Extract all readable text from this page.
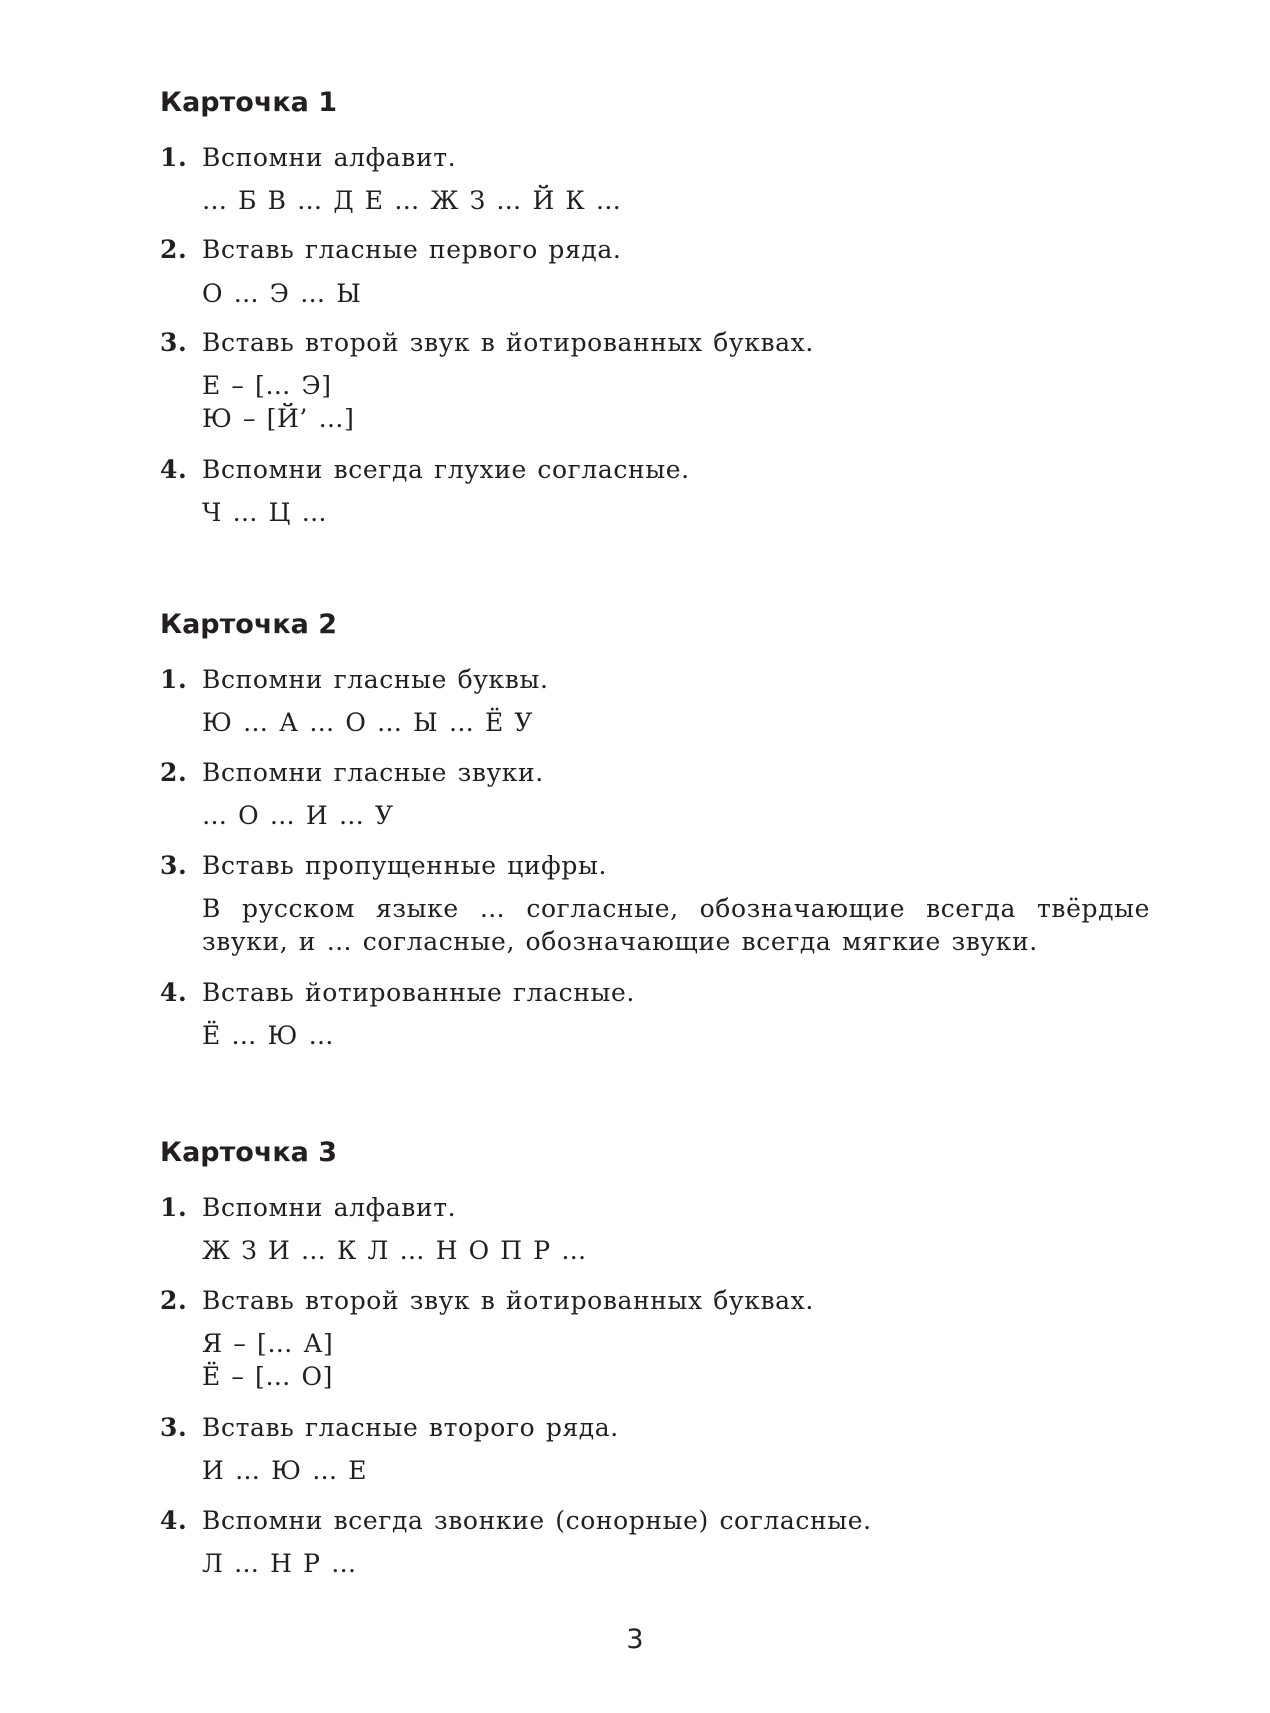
Карточка 1
1. Вспомни алфавит.
… Б В … Д Е … Ж З … Й К …
2. Вставь гласные первого ряда.
О … Э … Ы
3. Вставь второй звук в йотированных буквах.
Е – [… Э]
Ю – [Й’ …]
4. Вспомни всегда глухие согласные.
Ч … Ц …
Карточка 2
1. Вспомни гласные буквы.
Ю … А … О … Ы … Ё У
2. Вспомни гласные звуки.
… О … И … У
3. Вставь пропущенные цифры.
В русском языке … согласные, обозначающие всегда твёрдые
звуки, и … согласные, обозначающие всегда мягкие звуки.
4. Вставь йотированные гласные.
Ё … Ю …
Карточка 3
1. Вспомни алфавит.
Ж З И … К Л … Н О П Р …
2. Вставь второй звук в йотированных буквах.
Я – [… А]
Ё – [… О]
3. Вставь гласные второго ряда.
И … Ю … Е
4. Вспомни всегда звонкие (сонорные) согласные.
Л … Н Р …
3
